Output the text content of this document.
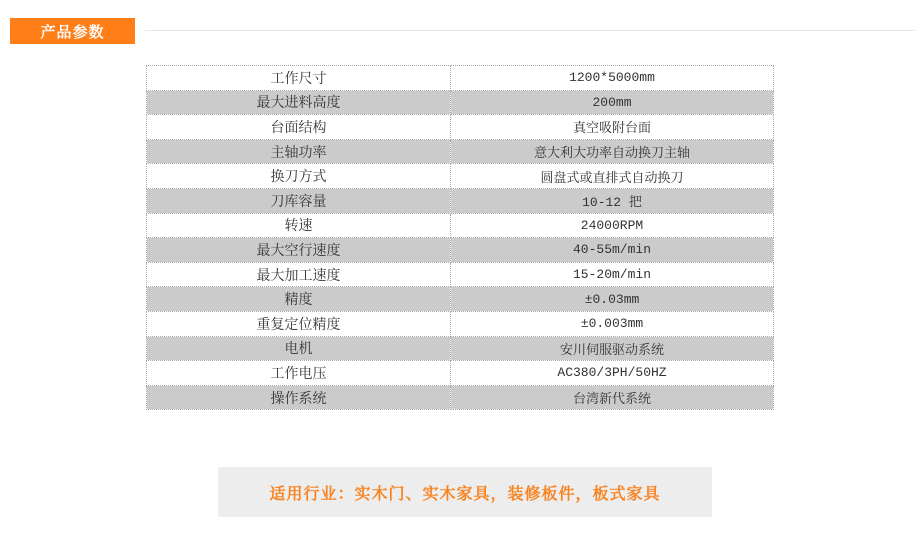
产品参数
工作尺寸	1200*5000mm
最大进料高度	200mm
台面结构	真空吸附台面
主轴功率	意大利大功率自动换刀主轴
换刀方式	圆盘式或直排式自动换刀
刀库容量	10-12 把
转速	24000RPM
最大空行速度	40-55m/min
最大加工速度	15-20m/min
精度	±0.03mm
重复定位精度	±0.003mm
电机	安川伺服驱动系统
工作电压	AC380/3PH/50HZ
操作系统	台湾新代系统
适用行业：实木门、实木家具，装修板件，板式家具
